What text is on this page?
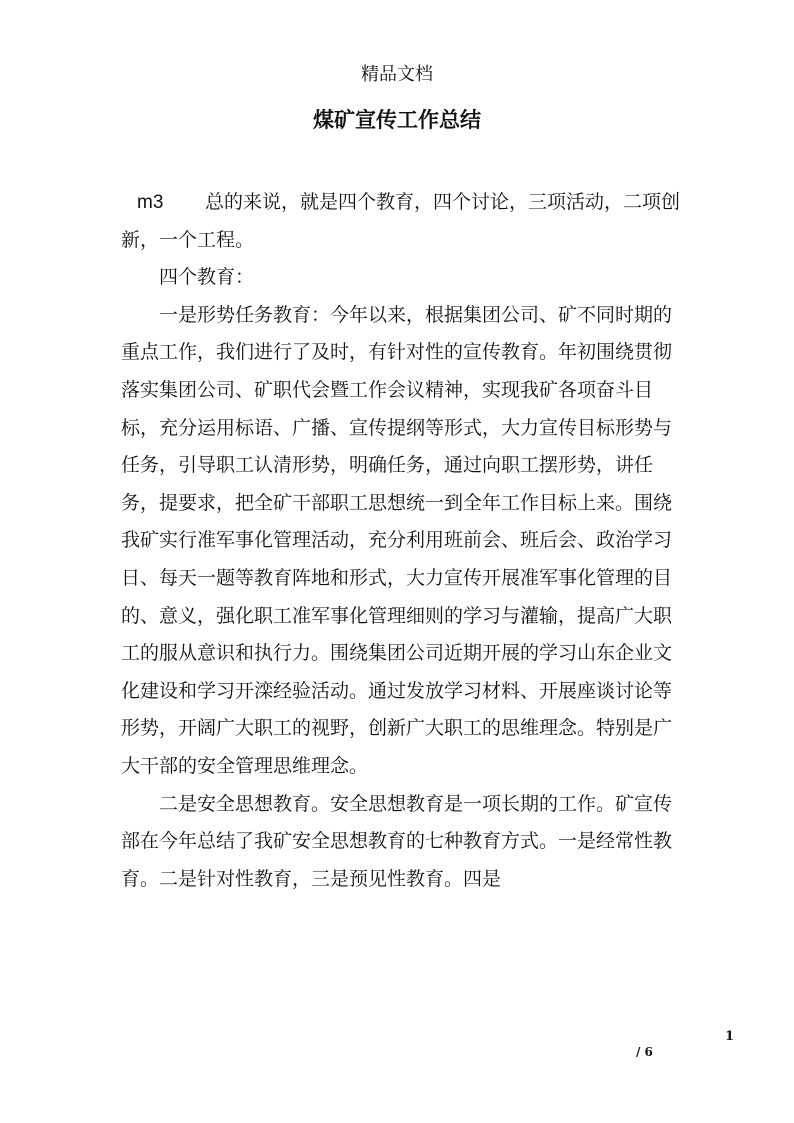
精品文档
煤矿宣传工作总结

m3 总的来说，就是四个教育，四个讨论，三项活动，二项创新，一个工程。

四个教育：

一是形势任务教育：今年以来，根据集团公司、矿不同时期的重点工作，我们进行了及时，有针对性的宣传教育。年初围绕贯彻落实集团公司、矿职代会暨工作会议精神，实现我矿各项奋斗目标，充分运用标语、广播、宣传提纲等形式，大力宣传目标形势与任务，引导职工认清形势，明确任务，通过向职工摆形势，讲任务，提要求，把全矿干部职工思想统一到全年工作目标上来。围绕我矿实行准军事化管理活动，充分利用班前会、班后会、政治学习日、每天一题等教育阵地和形式，大力宣传开展准军事化管理的目的、意义，强化职工准军事化管理细则的学习与灌输，提高广大职工的服从意识和执行力。围绕集团公司近期开展的学习山东企业文化建设和学习开滦经验活动。通过发放学习材料、开展座谈讨论等形势，开阔广大职工的视野，创新广大职工的思维理念。特别是广大干部的安全管理思维理念。

二是安全思想教育。安全思想教育是一项长期的工作。矿宣传部在今年总结了我矿安全思想教育的七种教育方式。一是经常性教育。二是针对性教育，三是预见性教育。四是

1
/ 6
